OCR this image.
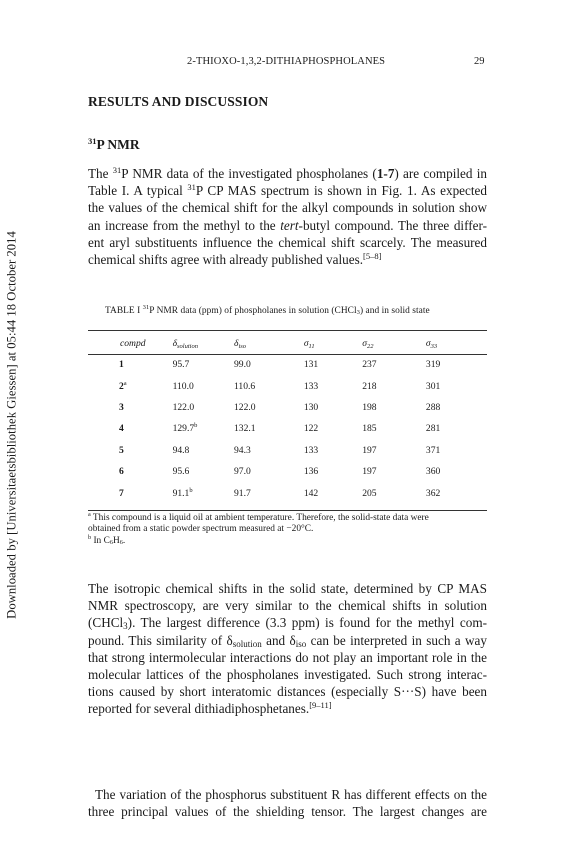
Downloaded by [Universitaetsbibliothek Giessen] at 05:44 18 October 2014
2-THIOXO-1,3,2-DITHIAPHOSPHOLANES	29
RESULTS AND DISCUSSION
$^{31}$P NMR
The $^{31}$P NMR data of the investigated phospholanes (1-7) are compiled in
Table I. A typical $^{31}$P CP MAS spectrum is shown in Fig. 1. As expected
the values of the chemical shift for the alkyl compounds in solution show
an increase from the methyl to the tert-butyl compound. The three differ-
ent aryl substituents influence the chemical shift scarcely. The measured
chemical shifts agree with already published values.[5–8]
TABLE I $^{31}$P NMR data (ppm) of phospholanes in solution (CHCl$_3$) and in solid state
compd	$\delta_{solution}$	$\delta_{iso}$	$\sigma_{11}$	$\sigma_{22}$	$\sigma_{33}$
1	95.7	99.0	131	237	319
2$^a$	110.0	110.6	133	218	301
3	122.0	122.0	130	198	288
4	129.7$^b$	132.1	122	185	281
5	94.8	94.3	133	197	371
6	95.6	97.0	136	197	360
7	91.1$^b$	91.7	142	205	362
$^a$ This compound is a liquid oil at ambient temperature. Therefore, the solid-state data were
obtained from a static powder spectrum measured at −20°C.
$^b$ In $C_6H_6$.
The isotropic chemical shifts in the solid state, determined by CP MAS
NMR spectroscopy, are very similar to the chemical shifts in solution
(CHCl$_3$). The largest difference (3.3 ppm) is found for the methyl com-
pound. This similarity of $\delta_{solution}$ and $\delta_{iso}$ can be interpreted in such a way
that strong intermolecular interactions do not play an important role in the
molecular lattices of the phospholanes investigated. Such strong interac-
tions caused by short interatomic distances (especially S···S) have been
reported for several dithiadiphosphetanes.[9–11]
The variation of the phosphorus substituent R has different effects on the
three principal values of the shielding tensor. The largest changes are
